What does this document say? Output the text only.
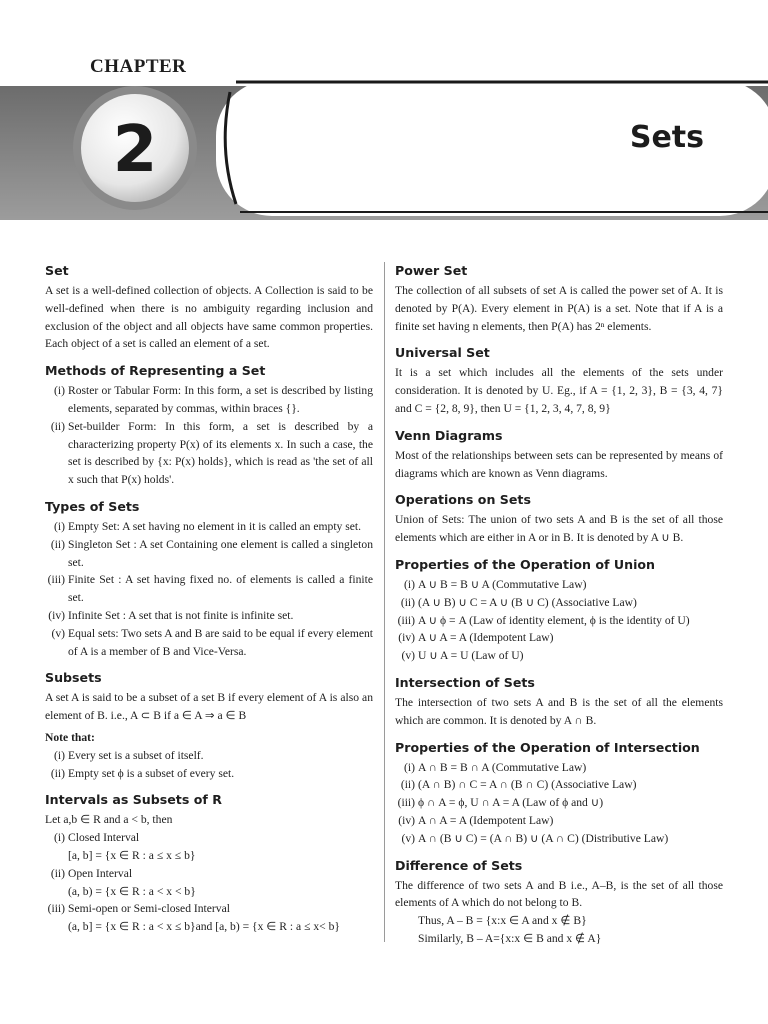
CHAPTER
2	Sets
Set

A set is a well-defined collection of objects. A Collection is said to be well-defined when there is no ambiguity regarding inclusion and exclusion of the object and all objects have same common properties. Each object of a set is called an element of a set.

Methods of Representing a Set
(i) Roster or Tabular Form: In this form, a set is described by listing elements, separated by commas, within braces {}.
(ii) Set-builder Form: In this form, a set is described by a characterizing property P(x) of its elements x. In such a case, the set is described by {x: P(x) holds}, which is read as 'the set of all x such that P(x) holds'.
Types of Sets
(i) Empty Set: A set having no element in it is called an empty set.
(ii) Singleton Set : A set Containing one element is called a singleton set.
(iii) Finite Set : A set having fixed no. of elements is called a finite set.
(iv) Infinite Set : A set that is not finite is infinite set.
(v) Equal sets: Two sets A and B are said to be equal if every element of A is a member of B and Vice-Versa.
Subsets

A set A is said to be a subset of a set B if every element of A is also an element of B. i.e., A ⊂ B if a ∈ A ⇒ a ∈ B

Note that:

(i) Every set is a subset of itself.
(ii) Empty set ϕ is a subset of every set.
Intervals as Subsets of R

Let a,b ∈ R and a < b, then

(i) Closed Interval

[a, b] = {x ∈ R : a ≤ x ≤ b}

(ii) Open Interval

(a, b) = {x ∈ R : a < x < b}

(iii) Semi-open or Semi-closed Interval

(a, b] = {x ∈ R : a < x ≤ b}and [a, b) = {x ∈ R : a ≤ x< b}

Power Set

The collection of all subsets of set A is called the power set of A. It is denoted by P(A). Every element in P(A) is a set. Note that if A is a finite set having n elements, then P(A) has 2ⁿ elements.

Universal Set

It is a set which includes all the elements of the sets under consideration. It is denoted by U. Eg., if A = {1, 2, 3}, B = {3, 4, 7} and C = {2, 8, 9}, then U = {1, 2, 3, 4, 7, 8, 9}

Venn Diagrams

Most of the relationships between sets can be represented by means of diagrams which are known as Venn diagrams.

Operations on Sets

Union of Sets: The union of two sets A and B is the set of all those elements which are either in A or in B. It is denoted by A ∪ B.

Properties of the Operation of Union
(i) A ∪ B = B ∪ A (Commutative Law)
(ii) (A ∪ B) ∪ C = A ∪ (B ∪ C) (Associative Law)
(iii) A ∪ ϕ = A (Law of identity element, ϕ is the identity of U)
(iv) A ∪ A = A (Idempotent Law)
(v) U ∪ A = U (Law of U)
Intersection of Sets

The intersection of two sets A and B is the set of all the elements which are common. It is denoted by A ∩ B.

Properties of the Operation of Intersection
(i) A ∩ B = B ∩ A (Commutative Law)
(ii) (A ∩ B) ∩ C = A ∩ (B ∩ C) (Associative Law)
(iii) ϕ ∩ A = ϕ, U ∩ A = A (Law of ϕ and ∪)
(iv) A ∩ A = A (Idempotent Law)
(v) A ∩ (B ∪ C) = (A ∩ B) ∪ (A ∩ C) (Distributive Law)
Difference of Sets

The difference of two sets A and B i.e., A–B, is the set of all those elements of A which do not belong to B.

Thus, A – B = {x:x ∈ A and x ∉ B}

Similarly, B – A={x:x ∈ B and x ∉ A}
